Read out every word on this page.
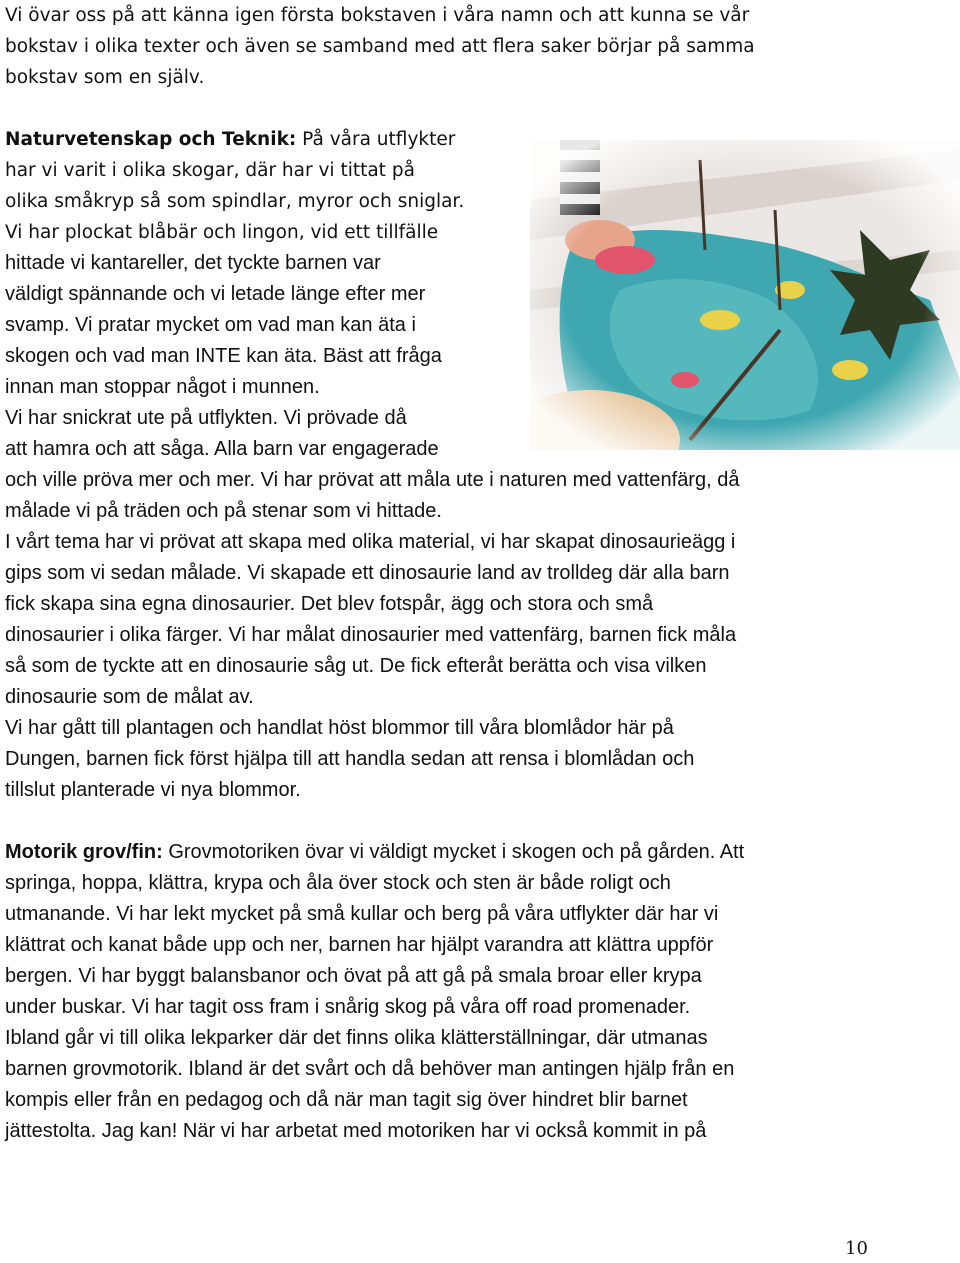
Vi övar oss på att känna igen första bokstaven i våra namn och att kunna se vår
bokstav i olika texter och även se samband med att flera saker börjar på samma
bokstav som en själv.
Naturvetenskap och Teknik: På våra utflykter
har vi varit i olika skogar, där har vi tittat på
olika småkryp så som spindlar, myror och sniglar.
Vi har plockat blåbär och lingon, vid ett tillfälle
hittade vi kantareller, det tyckte barnen var
väldigt spännande och vi letade länge efter mer
svamp. Vi pratar mycket om vad man kan äta i
skogen och vad man INTE kan äta. Bäst att fråga
innan man stoppar något i munnen.
Vi har snickrat ute på utflykten. Vi prövade då
att hamra och att såga. Alla barn var engagerade
och ville pröva mer och mer. Vi har prövat att måla ute i naturen med vattenfärg, då
målade vi på träden och på stenar som vi hittade.
I vårt tema har vi prövat att skapa med olika material, vi har skapat dinosaurieägg i
gips som vi sedan målade. Vi skapade ett dinosaurie land av trolldeg där alla barn
fick skapa sina egna dinosaurier. Det blev fotspår, ägg och stora och små
dinosaurier i olika färger. Vi har målat dinosaurier med vattenfärg, barnen fick måla
så som de tyckte att en dinosaurie såg ut. De fick efteråt berätta och visa vilken
dinosaurie som de målat av.
Vi har gått till plantagen och handlat höst blommor till våra blomlådor här på
Dungen, barnen fick först hjälpa till att handla sedan att rensa i blomlådan och
tillslut planterade vi nya blommor.
Motorik grov/fin: Grovmotoriken övar vi väldigt mycket i skogen och på gården. Att
springa, hoppa, klättra, krypa och åla över stock och sten är både roligt och
utmanande. Vi har lekt mycket på små kullar och berg på våra utflykter där har vi
klättrat och kanat både upp och ner, barnen har hjälpt varandra att klättra uppför
bergen. Vi har byggt balansbanor och övat på att gå på smala broar eller krypa
under buskar. Vi har tagit oss fram i snårig skog på våra off road promenader.
Ibland går vi till olika lekparker där det finns olika klätterställningar, där utmanas
barnen grovmotorik. Ibland är det svårt och då behöver man antingen hjälp från en
kompis eller från en pedagog och då när man tagit sig över hindret blir barnet
jättestolta. Jag kan! När vi har arbetat med motoriken har vi också kommit in på
10
